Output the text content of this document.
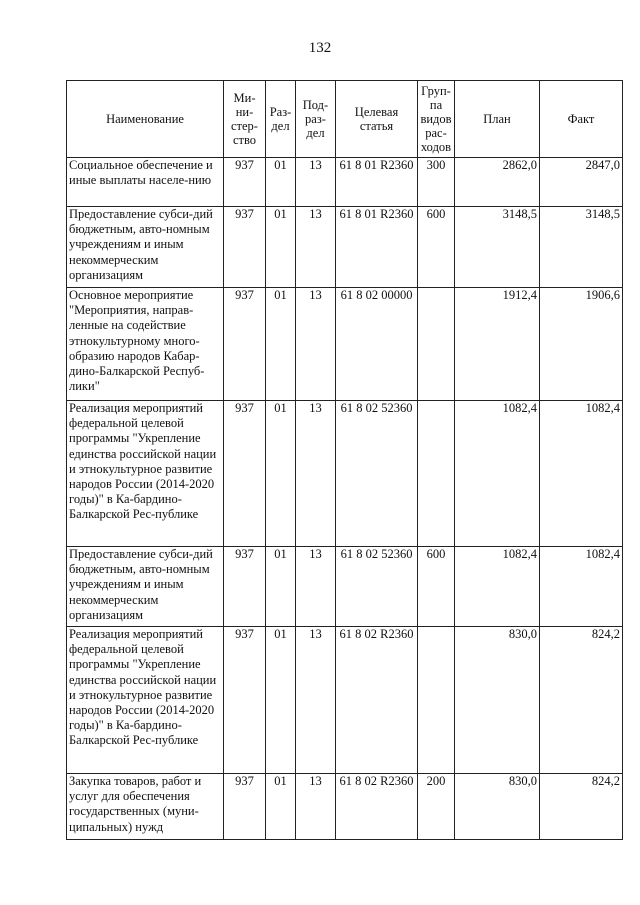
132
Наименование	Ми-
ни-
стер-
ство	Раз-
дел	Под-
раз-
дел	Целевая
статья	Груп-
па
видов
рас-
ходов	План	Факт
Социальное обеспечение и иные выплаты населе-нию	937	01	13	61 8 01 R2360	300	2862,0	2847,0
Предоставление субси-дий бюджетным, авто-номным учреждениям и иным некоммерческим организациям	937	01	13	61 8 01 R2360	600	3148,5	3148,5
Основное мероприятие "Мероприятия, направ-ленные на содействие этнокультурному много-образию народов Кабар-дино-Балкарской Респуб-лики"	937	01	13	61 8 02 00000		1912,4	1906,6
Реализация мероприятий федеральной целевой программы "Укрепление единства российской нации и этнокультурное развитие народов России (2014-2020 годы)" в Ка-бардино-Балкарской Рес-публике	937	01	13	61 8 02 52360		1082,4	1082,4
Предоставление субси-дий бюджетным, авто-номным учреждениям и иным некоммерческим организациям	937	01	13	61 8 02 52360	600	1082,4	1082,4
Реализация мероприятий федеральной целевой программы "Укрепление единства российской нации и этнокультурное развитие народов России (2014-2020 годы)" в Ка-бардино-Балкарской Рес-публике	937	01	13	61 8 02 R2360		830,0	824,2
Закупка товаров, работ и услуг для обеспечения государственных (муни-ципальных) нужд	937	01	13	61 8 02 R2360	200	830,0	824,2
